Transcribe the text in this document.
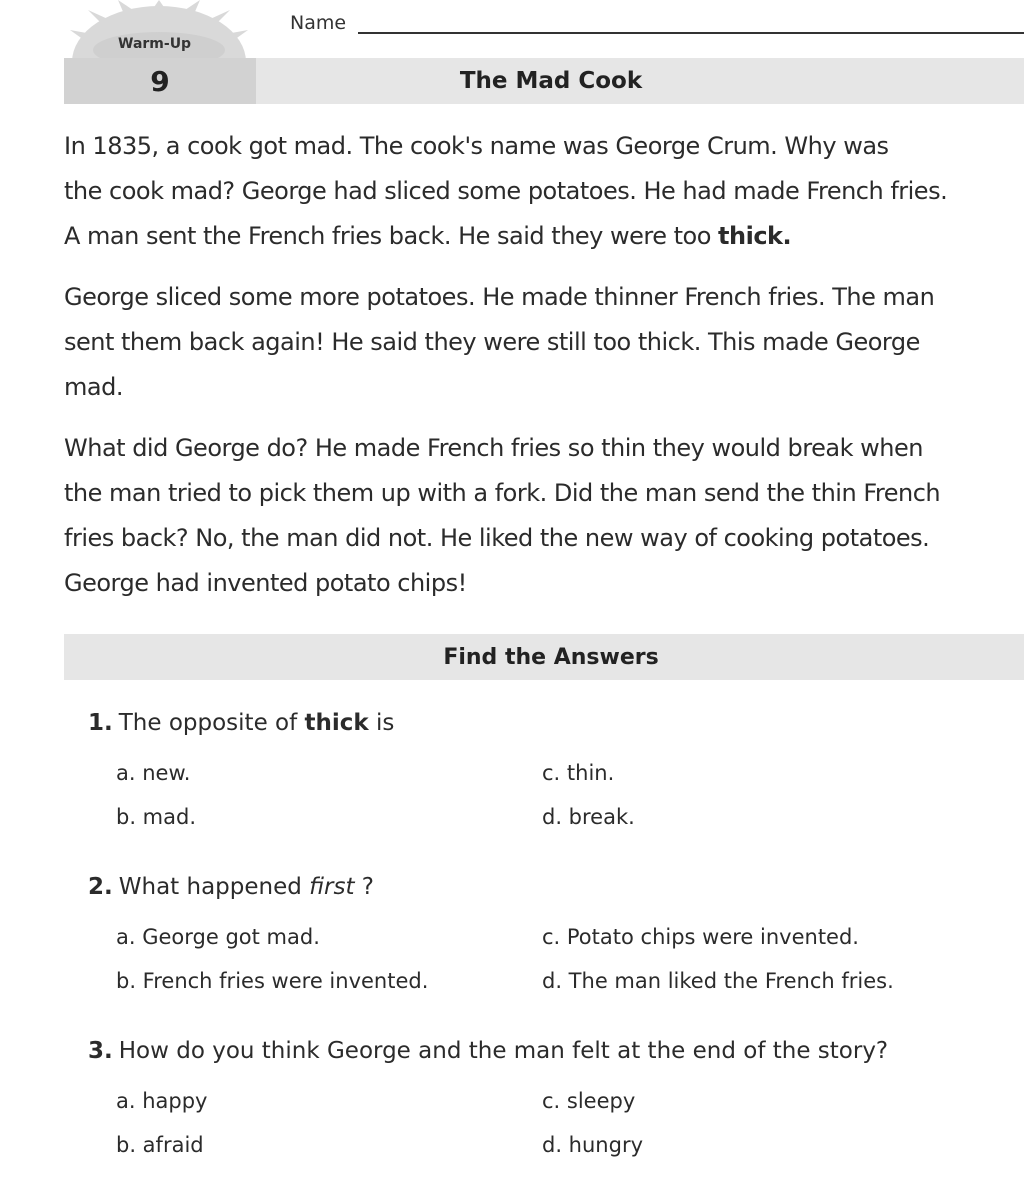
Warm-Up
Name
9	The Mad Cook

In 1835, a cook got mad. The cook's name was George Crum. Why was
the cook mad? George had sliced some potatoes. He had made French fries.
A man sent the French fries back. He said they were too thick.

George sliced some more potatoes. He made thinner French fries. The man
sent them back again! He said they were still too thick. This made George
mad.

What did George do? He made French fries so thin they would break when
the man tried to pick them up with a fork. Did the man send the thin French
fries back? No, the man did not. He liked the new way of cooking potatoes.
George had invented potato chips!

Find the Answers
1. The opposite of thick is
a. new.	c. thin.
b. mad.	d. break.
2. What happened first ?
a. George got mad.	c. Potato chips were invented.
b. French fries were invented.	d. The man liked the French fries.
3. How do you think George and the man felt at the end of the story?
a. happy	c. sleepy
b. afraid	d. hungry
